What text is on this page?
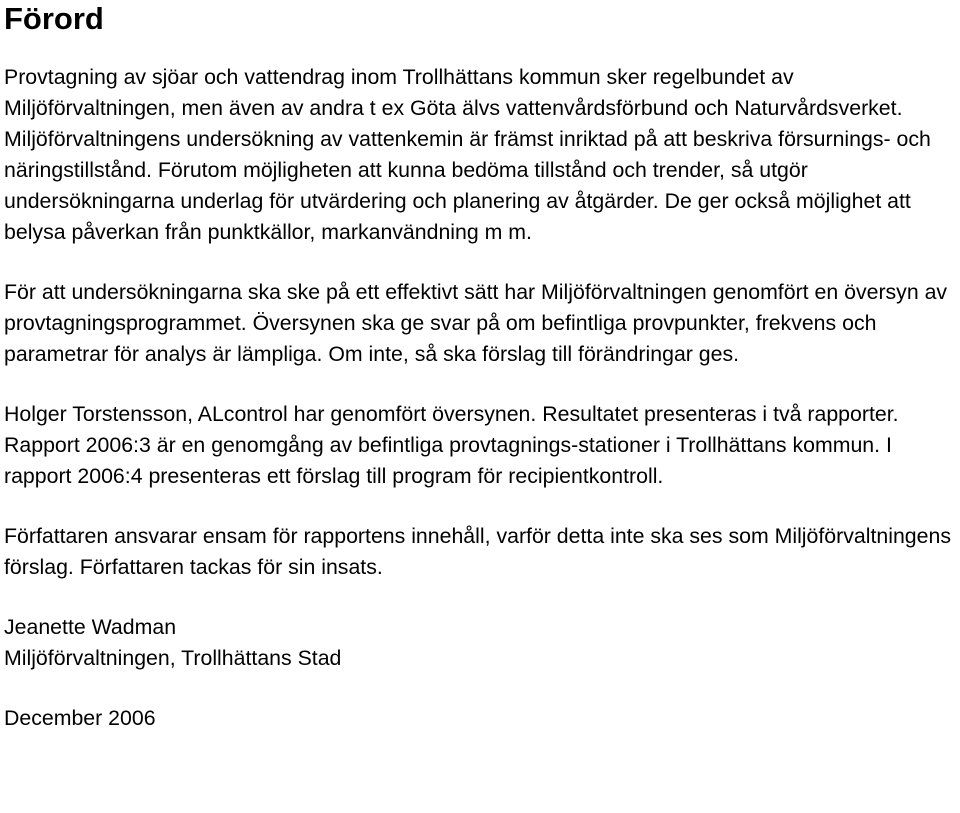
Förord

Provtagning av sjöar och vattendrag inom Trollhättans kommun sker regelbundet av Miljöförvaltningen, men även av andra t ex Göta älvs vattenvårdsförbund och Naturvårdsverket. Miljöförvaltningens undersökning av vattenkemin är främst inriktad på att beskriva försurnings- och näringstillstånd. Förutom möjligheten att kunna bedöma tillstånd och trender, så utgör undersökningarna underlag för utvärdering och planering av åtgärder. De ger också möjlighet att belysa påverkan från punktkällor, markanvändning m m.

För att undersökningarna ska ske på ett effektivt sätt har Miljöförvaltningen genomfört en översyn av provtagningsprogrammet. Översynen ska ge svar på om befintliga provpunkter, frekvens och parametrar för analys är lämpliga. Om inte, så ska förslag till förändringar ges.

Holger Torstensson, ALcontrol har genomfört översynen. Resultatet presenteras i två rapporter. Rapport 2006:3 är en genomgång av befintliga provtagnings-stationer i Trollhättans kommun. I rapport 2006:4 presenteras ett förslag till program för recipientkontroll.

Författaren ansvarar ensam för rapportens innehåll, varför detta inte ska ses som Miljöförvaltningens förslag. Författaren tackas för sin insats.

Jeanette Wadman

Miljöförvaltningen, Trollhättans Stad

December 2006
